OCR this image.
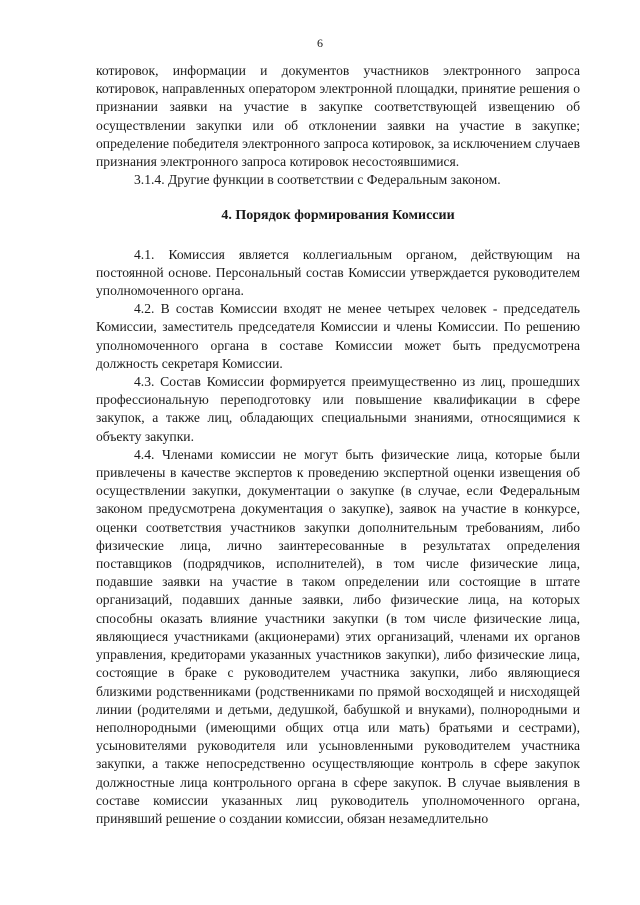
6

котировок, информации и документов участников электронного запроса котировок, направленных оператором электронной площадки, принятие решения о признании заявки на участие в закупке соответствующей извещению об осуществлении закупки или об отклонении заявки на участие в закупке; определение победителя электронного запроса котировок, за исключением случаев признания электронного запроса котировок несостоявшимися.

3.1.4. Другие функции в соответствии с Федеральным законом.

4. Порядок формирования Комиссии

4.1. Комиссия является коллегиальным органом, действующим на постоянной основе. Персональный состав Комиссии утверждается руководителем уполномоченного органа.

4.2. В состав Комиссии входят не менее четырех человек - председатель Комиссии, заместитель председателя Комиссии и члены Комиссии. По решению уполномоченного органа в составе Комиссии может быть предусмотрена должность секретаря Комиссии.

4.3. Состав Комиссии формируется преимущественно из лиц, прошедших профессиональную переподготовку или повышение квалификации в сфере закупок, а также лиц, обладающих специальными знаниями, относящимися к объекту закупки.

4.4. Членами комиссии не могут быть физические лица, которые были привлечены в качестве экспертов к проведению экспертной оценки извещения об осуществлении закупки, документации о закупке (в случае, если Федеральным законом предусмотрена документация о закупке), заявок на участие в конкурсе, оценки соответствия участников закупки дополнительным требованиям, либо физические лица, лично заинтересованные в результатах определения поставщиков (подрядчиков, исполнителей), в том числе физические лица, подавшие заявки на участие в таком определении или состоящие в штате организаций, подавших данные заявки, либо физические лица, на которых способны оказать влияние участники закупки (в том числе физические лица, являющиеся участниками (акционерами) этих организаций, членами их органов управления, кредиторами указанных участников закупки), либо физические лица, состоящие в браке с руководителем участника закупки, либо являющиеся близкими родственниками (родственниками по прямой восходящей и нисходящей линии (родителями и детьми, дедушкой, бабушкой и внуками), полнородными и неполнородными (имеющими общих отца или мать) братьями и сестрами), усыновителями руководителя или усыновленными руководителем участника закупки, а также непосредственно осуществляющие контроль в сфере закупок должностные лица контрольного органа в сфере закупок. В случае выявления в составе комиссии указанных лиц руководитель уполномоченного органа, принявший решение о создании комиссии, обязан незамедлительно
